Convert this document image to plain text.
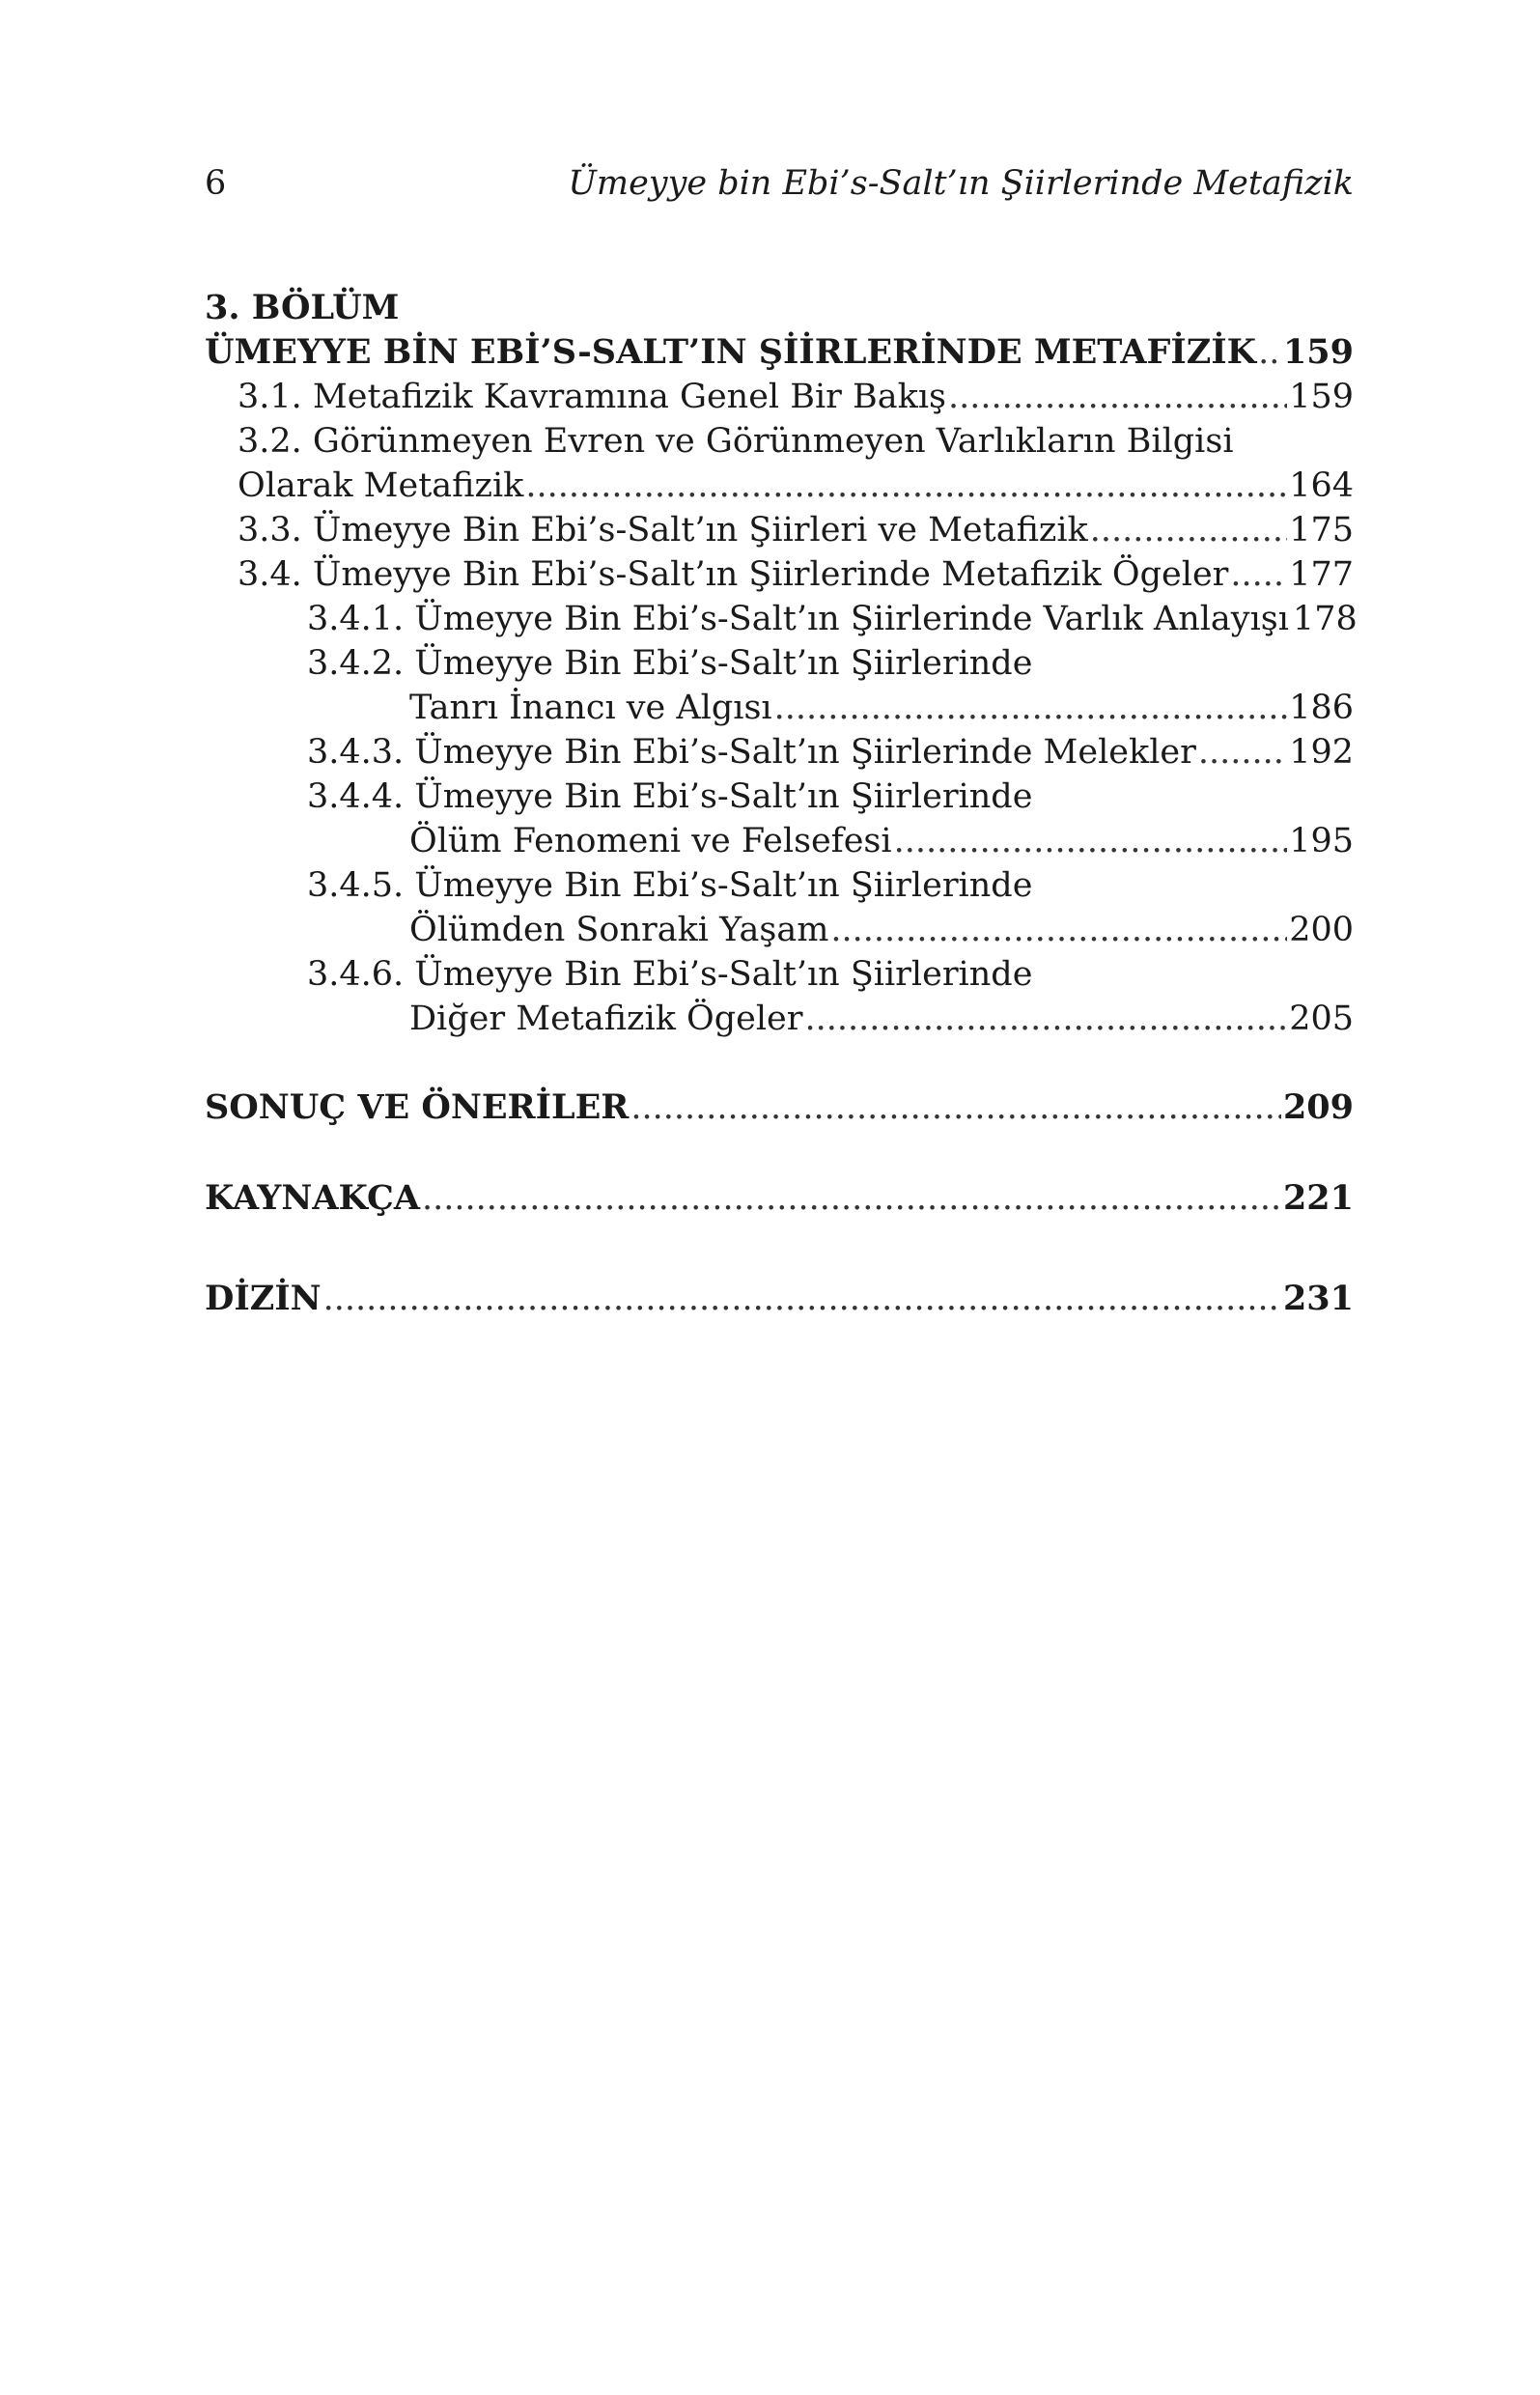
6	Ümeyye bin Ebi’s-Salt’ın Şiirlerinde Metafizik
3. BÖLÜM
ÜMEYYE BİN EBİ’S-SALT’IN ŞİİRLERİNDE METAFİZİK ..... 159
3.1. Metafizik Kavramına Genel Bir Bakış .....	159
3.2. Görünmeyen Evren ve Görünmeyen Varlıkların Bilgisi
Olarak Metafizik .....	164
3.3. Ümeyye Bin Ebi’s-Salt’ın Şiirleri ve Metafizik .....	175
3.4. Ümeyye Bin Ebi’s-Salt’ın Şiirlerinde Metafizik Ögeler ..... 177
3.4.1. Ümeyye Bin Ebi’s-Salt’ın Şiirlerinde Varlık Anlayışı 178
3.4.2. Ümeyye Bin Ebi’s-Salt’ın Şiirlerinde
Tanrı İnancı ve Algısı .....	186
3.4.3. Ümeyye Bin Ebi’s-Salt’ın Şiirlerinde Melekler .....	192
3.4.4. Ümeyye Bin Ebi’s-Salt’ın Şiirlerinde
Ölüm Fenomeni ve Felsefesi .....	195
3.4.5. Ümeyye Bin Ebi’s-Salt’ın Şiirlerinde
Ölümden Sonraki Yaşam .....	200
3.4.6. Ümeyye Bin Ebi’s-Salt’ın Şiirlerinde
Diğer Metafizik Ögeler .....	205
SONUÇ VE ÖNERİLER .....	209
KAYNAKÇA .....	221
DİZİN .....	231
